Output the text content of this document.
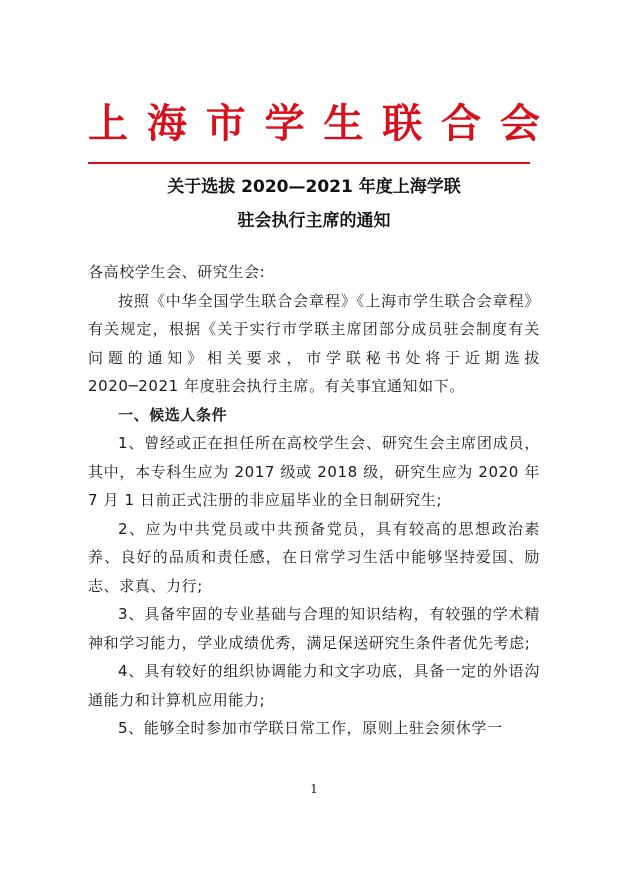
上 海 市 学 生 联 合 会
关于选拔 2020—2021 年度上海学联
驻会执行主席的通知

各高校学生会、研究生会:

按照《中华全国学生联合会章程》《上海市学生联合会章程》有关规定，根据《关于实行市学联主席团部分成员驻会制度有关问题的通知》相关要求，市学联秘书处将于近期选拔 2020─2021 年度驻会执行主席。有关事宜通知如下。

一、候选人条件

1、曾经或正在担任所在高校学生会、研究生会主席团成员，其中，本专科生应为 2017 级或 2018 级，研究生应为 2020 年 7 月 1 日前正式注册的非应届毕业的全日制研究生;

2、应为中共党员或中共预备党员，具有较高的思想政治素养、良好的品质和责任感，在日常学习生活中能够坚持爱国、励志、求真、力行;

3、具备牢固的专业基础与合理的知识结构，有较强的学术精神和学习能力，学业成绩优秀，满足保送研究生条件者优先考虑;

4、具有较好的组织协调能力和文字功底，具备一定的外语沟通能力和计算机应用能力;

5、能够全时参加市学联日常工作，原则上驻会须休学一

1
